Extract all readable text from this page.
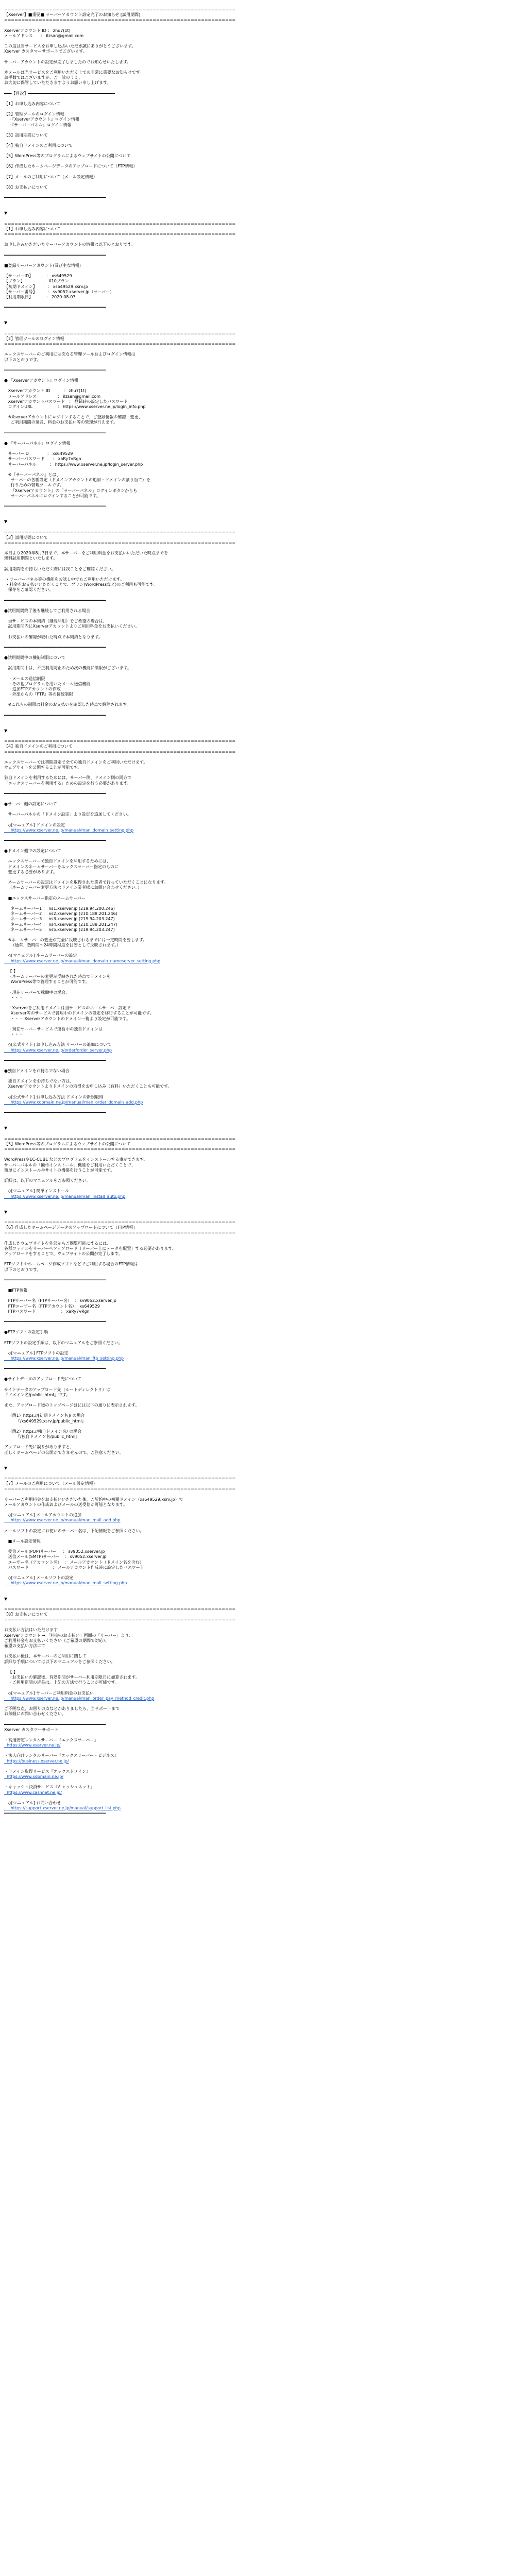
===================================================================
【Xserver】■重要■ サーバーアカウント設定完了のお知らせ [試用期間]
===================================================================
Xserverアカウント ID ： zhu7(1t)
メールアドレス      ： ilzsan@gmail.com
この度は当サービスをお申し込みいただき誠にありがとうございます。
Xserver カスタマーサポートでございます。
サーバーアカウントの設定が完了しましたのでお知らせいたします。
本メールは当サービスをご利用いただく上での非常に重要なお知らせです。
お手数ではございますが、ご一読のうえ、
お大切に保管していただきますようお願い申し上げます。
━━━【目次】━━━━━━━━━━━━━━━━━━━━━━━━━━━━━━━━━━━
【1】お申し込み内容について
【2】管理ツールのログイン情報
・『Xserverアカウント』ログイン情報
・『サーバーパネル』ログイン情報
【3】試用期間について
【4】独自ドメインのご利用について
【5】WordPress等のプログラムによるウェブサイトの公開について
【6】作成したホームページデータのアップロードについて（FTP情報）
【7】メールのご利用について（メール設定情報）
【8】お支払いについて
━━━━━━━━━━━━━━━━━━━━━━━━━━━━━━━━━━━━━━━━━
▼
===================================================================
【1】お申し込み内容について
===================================================================
お申し込みいただいたサーバーアカウントの情報は以下のとおりです。
━━━━━━━━━━━━━━━━━━━━━━━━━━━━━━━━━━━━━━━━━
■登録サーバーアカウント(及び主な情報)
【サーバーID】          ： xs649529
【プラン】              ： X10プラン
【初期ドメイン】        ： xs649529.xsrv.jp
【サーバー番号】        ： sv9052.xserver.jp（サーバー）
【利用期限日】          ： 2020-08-03
━━━━━━━━━━━━━━━━━━━━━━━━━━━━━━━━━━━━━━━━━
▼
===================================================================
【2】管理ツールのログイン情報
===================================================================
エックスサーバーのご利用には次なる管理ツールおよびログイン情報は
以下のとおりです。
━━━━━━━━━━━━━━━━━━━━━━━━━━━━━━━━━━━━━━━━━
● 『Xserverアカウント』ログイン情報
Xserverアカウント ID          ： zhu7(1t)
メールアドレス                ： ilzsan@gmail.com
Xserverアカウントパスワード   ： 登録時の設定したパスワード
ログインURL                   ： https://www.xserver.ne.jp/login_info.php
※Xserverアカウントにログインすることで、ご登録情報の確認・変更、
ご利用期間の延長、料金のお支払い等の管理が行えます。
━━━━━━━━━━━━━━━━━━━━━━━━━━━━━━━━━━━━━━━━━
● 『サーバーパネル』ログイン情報
サーバーID              ： xs649529
サーバーパスワード      ： xaRy7vRgn
サーバーパネル          ： https://www.xserver.ne.jp/login_server.php
※『サーバーパネル』とは、
サーバーの各種設定（ドメインアカウントの追加・ドメインの割り当て）を
行うための管理ツールです。
『Xserverアカウント』の「サーバーパネル」ログインボタンからも
サーバーパネルにログインすることが可能です。
━━━━━━━━━━━━━━━━━━━━━━━━━━━━━━━━━━━━━━━━━
▼
===================================================================
【3】試用期間について
===================================================================
本日より2020年8月3日まで、本サーバーをご利用料金をお支払いいただいた時点までを
無料試用期間といたします。
試用期間をお持ちいただく際には次ことをご確認ください。
・サーバーパネル等の機能をお試し中でもご利用いただけます。
・料金をお支払いいただくことで、プラン(WordPressなど)のご利用も可能です。
保存をご確認ください。
━━━━━━━━━━━━━━━━━━━━━━━━━━━━━━━━━━━━━━━━━
●試用期間終了後も継続してご利用される場合
当サービスの本契約（継続利用）をご希望の場合は、
試用期間内にXserverアカウントよりご利用料金をお支払いください。
お支払いの確認が取れた時点で本契約となります。
━━━━━━━━━━━━━━━━━━━━━━━━━━━━━━━━━━━━━━━━━
●試用期間中の機能制限について
試用期間中は、不正利用防止のため次の機能に制限がございます。
・メールの送信制限
・その他プログラムを用いたメール送信機能
・追加FTPアカウントの作成
・外部からの『FTP』等の接続制限
※これらの制限は料金のお支払いを確認した時点で解除されます。
━━━━━━━━━━━━━━━━━━━━━━━━━━━━━━━━━━━━━━━━━
▼
===================================================================
【4】独自ドメインのご利用について
===================================================================
エックスサーバーでは初期設定で全ての独自ドメインをご利用いただけます。
ウェブサイトを公開することが可能です。
独自ドメインを利用するためには、サーバー側、ドメイン側の両方で
「エックスサーバーを利用する」ための設定を行う必要があります。
━━━━━━━━━━━━━━━━━━━━━━━━━━━━━━━━━━━━━━━━━
●サーバー側の設定について
サーバーパネルの「ドメイン設定」より設定を追加してください。
◇[マニュアル] ドメインの設定
https://www.xserver.ne.jp/manual/man_domain_setting.php
━━━━━━━━━━━━━━━━━━━━━━━━━━━━━━━━━━━━━━━━━
●ドメイン側での設定について
エックスサーバーで独自ドメインを利用するためには、
ドメインのネームサーバーをエックスサーバー指定のものに
変更する必要があります。
ネームサーバーの設定はドメインを取得された業者で行っていただくことになります。
（ネームサーバー変更方法はドメイン業者様にお問い合わせください。）
■エックスサーバー指定のネームサーバー
ネームサーバー1 ： ns1.xserver.jp (219.94.200.246)
ネームサーバー2 ： ns2.xserver.jp (210.188.201.246)
ネームサーバー3 ： ns3.xserver.jp (219.94.203.247)
ネームサーバー4 ： ns4.xserver.jp (210.188.201.247)
ネームサーバー5 ： ns5.xserver.jp (219.94.203.247)
※ネームサーバーの変更が完全に反映されるまでには一定時間を要します。
（通常、数時間～24時間程度を目安として反映されます。）
◇[マニュアル] ネームサーバーの設定
https://www.xserver.ne.jp/manual/man_domain_nameserver_setting.php
【 】
・ネームサーバーの変更が反映された時点でドメインを
WordPress等で管理することが可能です。
・現在サーバーで稼働中の場合、
・・・
・Xserverをご利用ドメインは当サービスのネームサーバー設定で
Xserver等のサービスで管理中のドメインの設定を移行することが可能です。
・・・ Xserverアカウントのドメイン一覧より設定が可能です。
・現在サーバーサービスで運営中の独自ドメインは
・・・
◇[公式サイト] お申し込み方法 サーバーの追加について
https://www.xserver.ne.jp/order/order_server.php
━━━━━━━━━━━━━━━━━━━━━━━━━━━━━━━━━━━━━━━━━
●独自ドメインをお持ちでない場合
独自ドメインをお持ちでない方は、
Xserverアカウントよりドメインの取得をお申し込み（有料）いただくことも可能です。
◇[公式サイト] お申し込み方法 ドメインの新規取得
https://www.xdomain.ne.jp/manual/man_order_domain_add.php
━━━━━━━━━━━━━━━━━━━━━━━━━━━━━━━━━━━━━━━━━
▼
===================================================================
【5】WordPress等のプログラムによるウェブサイトの公開について
===================================================================
WordPressやEC-CUBE などのプログラムをインストールする事ができます。
サーバーパネルの「簡単インストール」機能をご利用いただくことで、
簡単にインストールやサイトの構築を行うことが可能です。
詳細は、以下のマニュアルをご参照ください。
◇[マニュアル] 簡単インストール
https://www.xserver.ne.jp/manual/man_install_auto.php
▼
===================================================================
【6】作成したホームページデータのアップロードについて（FTP情報）
===================================================================
作成したウェブサイトを外部からご閲覧可能にするには、
各種ファイルをサーバーへアップロード（サーバー上にデータを配置）する必要があります。
アップロードをすることで、ウェブサイトの公開が完了します。
FTPソフトやホームページ作成ソフトなどでご利用する場合のFTP情報は
以下のとおりです。
━━━━━━━━━━━━━━━━━━━━━━━━━━━━━━━━━━━━━━━━━
■FTP情報
FTPサーバー名（FTPサーバー名）  ： sv9052.xserver.jp
FTPユーザー名（FTPアカウント名）： xs649529
FTPパスワード                   ： xaRy7vRgn
━━━━━━━━━━━━━━━━━━━━━━━━━━━━━━━━━━━━━━━━━
●FTPソフトの設定手順
FTPソフトの設定手順は、以下のマニュアルをご参照ください。
◇[マニュアル] FTPソフトの設定
https://www.xserver.ne.jp/manual/man_ftp_setting.php
━━━━━━━━━━━━━━━━━━━━━━━━━━━━━━━━━━━━━━━━━
●サイトデータのアップロード先について
サイトデータのアップロード先（ルートディレクトリ）は
『ドメイン名/public_html』です。
また、アップロード後のトップページはには以下の通りに表示されます。
（例1）https://[初期ドメイン名]/ の場合
『/xs649529.xsrv.jp/public_html』
（例2）https://独自ドメイン名/ の場合
『/独自ドメイン名/public_html』
アップロード先に誤りがありますと、
正しくホームページの公開ができませんので、ご注意ください。
▼
===================================================================
【7】メールのご利用について（メール設定情報）
===================================================================
サーバーご利用料金をお支払いいただいた後、ご契約中の初期ドメイン（xs649529.xsrv.jp）で
メールアカウントの作成およびメールの送受信が可能となります。
◇[マニュアル] メールアカウントの追加
https://www.xserver.ne.jp/manual/man_mail_add.php
メールソフトの設定にお使いのサーバー名は、下記情報をご参照ください。
■メール設定情報
受信メール(POP)サーバー     ： sv9052.xserver.jp
送信メール(SMTP)サーバー    ： sv9052.xserver.jp
ユーザー名（アカウント名）  ： メールアカウント（ドメイン名を含む）
パスワード                  ： メールアカウント作成時に設定したパスワード
◇[マニュアル] メールソフトの設定
https://www.xserver.ne.jp/manual/man_mail_setting.php
▼
===================================================================
【8】お支払いについて
===================================================================
お支払い方法はいただけます
Xserverアカウント → 「料金のお支払い」画面の「サーバー」より、
ご利用料金をお支払いください（ご希望の期間で対応）、
希望の支払い方法にて
お支払い後は、本サーバーのご利用に関して
詳細な手順については以下のマニュアルをご参照ください。
【 】
・お支払いの確認後、有効期間がサーバー利用期限日に加算されます。
・ご利用期間の延長は、上記の方法で行うことが可能です。
◇[マニュアル] サーバーご利用料金のお支払い
https://www.xserver.ne.jp/manual/man_order_pay_method_credit.php
ご不明な点、お困りの点などがありましたら、当サポートまで
お気軽にお問い合わせください。
━━━━━━━━━━━━━━━━━━━━━━━━━━━━━━━━━━━━━━━━━
Xserver カスタマーサポート
・高速安定レンタルサーバー『エックスサーバー』
https://www.xserver.ne.jp/
・法人向けレンタルサーバー『エックスサーバー・ビジネス』
https://business.xserver.ne.jp/
・ドメイン取得サービス『エックスドメイン』
https://www.xdomain.ne.jp/
・キャッシュ決済サービス『キャッシュネット』
https://www.cashnet.ne.jp/
◇[マニュアル] お問い合わせ
https://support.xserver.ne.jp/manual/support_list.php
━━━━━━━━━━━━━━━━━━━━━━━━━━━━━━━━━━━━━━━━━
